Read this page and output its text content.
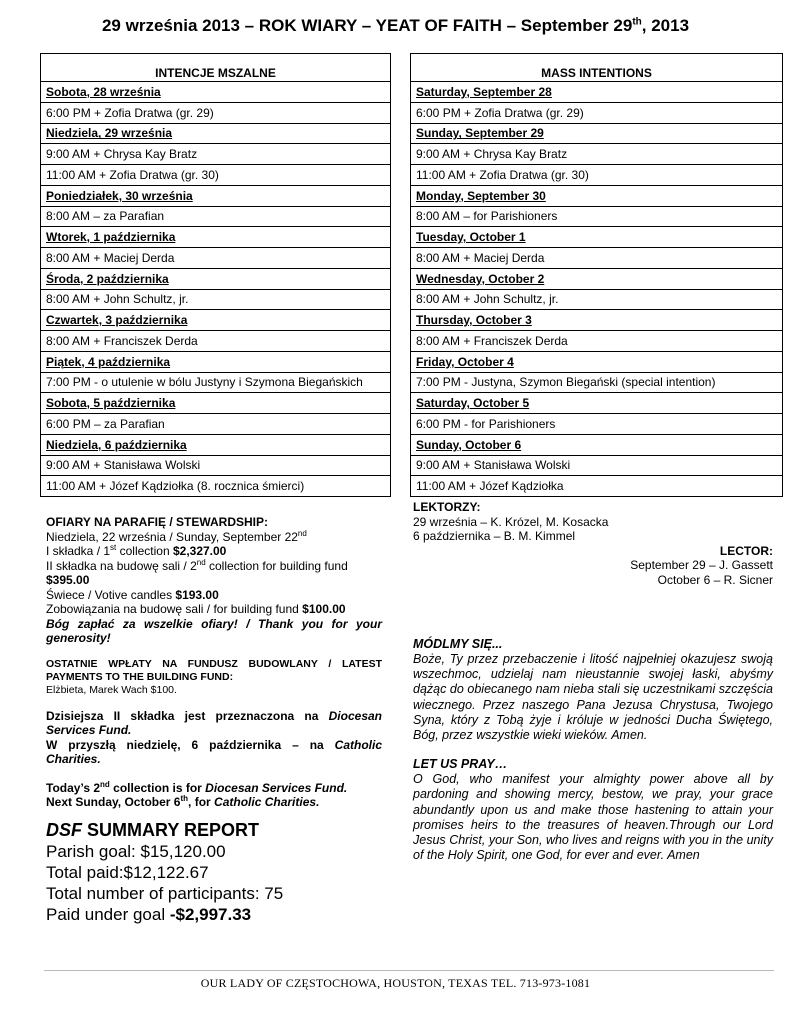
29 września 2013 – ROK WIARY – YEAT OF FAITH – September 29th, 2013
INTENCJE MSZALNE
Sobota, 28 września
6:00 PM + Zofia Dratwa (gr. 29)
Niedziela, 29 września
9:00 AM + Chrysa Kay Bratz
11:00 AM + Zofia Dratwa (gr. 30)
Poniedziałek, 30 września
8:00 AM – za Parafian
Wtorek, 1 października
8:00 AM + Maciej Derda
Środa, 2 października
8:00 AM + John Schultz, jr.
Czwartek, 3 października
8:00 AM + Franciszek Derda
Piątek, 4 października
7:00 PM - o utulenie w bólu Justyny i Szymona Biegańskich
Sobota, 5 października
6:00 PM – za Parafian
Niedziela, 6 października
9:00 AM + Stanisława Wolski
11:00 AM + Józef Kądziołka (8. rocznica śmierci)
MASS INTENTIONS
Saturday, September 28
6:00 PM + Zofia Dratwa (gr. 29)
Sunday, September 29
9:00 AM + Chrysa Kay Bratz
11:00 AM + Zofia Dratwa (gr. 30)
Monday, September 30
8:00 AM – for Parishioners
Tuesday, October 1
8:00 AM + Maciej Derda
Wednesday, October 2
8:00 AM + John Schultz, jr.
Thursday, October 3
8:00 AM + Franciszek Derda
Friday, October 4
7:00 PM - Justyna, Szymon Biegański (special intention)
Saturday, October 5
6:00 PM - for Parishioners
Sunday, October 6
9:00 AM + Stanisława Wolski
11:00 AM + Józef Kądziołka
OFIARY NA PARAFIĘ / STEWARDSHIP:
Niedziela, 22 września / Sunday, September 22nd
I składka / 1st collection $2,327.00
II składka na budowę sali / 2nd collection for building fund
$395.00
Świece / Votive candles $193.00
Zobowiązania na budowę sali / for building fund $100.00
Bóg zapłać za wszelkie ofiary! / Thank you for your generosity!
OSTATNIE WPŁATY NA FUNDUSZ BUDOWLANY / LATEST PAYMENTS TO THE BUILDING FUND:
Elżbieta, Marek Wach $100.
Dzisiejsza II składka jest przeznaczona na Diocesan Services Fund.
W przyszłą niedzielę, 6 października – na Catholic Charities.
Today’s 2nd collection is for Diocesan Services Fund.
Next Sunday, October 6th, for Catholic Charities.
DSF SUMMARY REPORT
Parish goal: $15,120.00
Total paid:$12,122.67
Total number of participants: 75
Paid under goal -$2,997.33
LEKTORZY:
29 września – K. Krózel, M. Kosacka
6 października – B. M. Kimmel
LECTOR:
September 29 – J. Gassett
October 6 – R. Sicner
MÓDLMY SIĘ...
Boże, Ty przez przebaczenie i litość najpełniej okazujesz swoją wszechmoc, udzielaj nam nieustannie swojej łaski, abyśmy dążąc do obiecanego nam nieba stali się uczestnikami szczęścia wiecznego. Przez naszego Pana Jezusa Chrystusa, Twojego Syna, który z Tobą żyje i króluje w jedności Ducha Świętego, Bóg, przez wszystkie wieki wieków. Amen.
LET US PRAY…
O God, who manifest your almighty power above all by pardoning and showing mercy, bestow, we pray, your grace abundantly upon us and make those hastening to attain your promises heirs to the treasures of heaven.Through our Lord Jesus Christ, your Son, who lives and reigns with you in the unity of the Holy Spirit, one God, for ever and ever. Amen
OUR LADY OF CZĘSTOCHOWA, HOUSTON, TEXAS TEL. 713-973-1081
